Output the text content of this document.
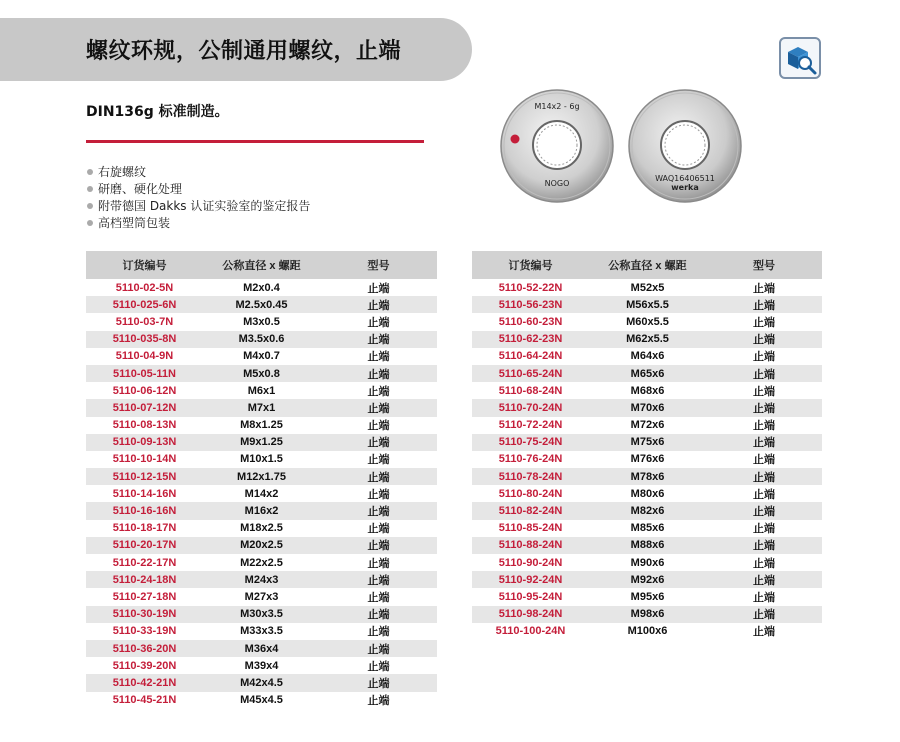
螺纹环规，公制通用螺纹，止端
DIN136g 标准制造。
右旋螺纹
研磨、硬化处理
附带德国 Dakks 认证实验室的鉴定报告
高档塑筒包装
M14x2 - 6g
NOGO
WAQ16406511
werka
订货编号	公称直径 x 螺距	型号
5110-02-5N	M2x0.4	止端
5110-025-6N	M2.5x0.45	止端
5110-03-7N	M3x0.5	止端
5110-035-8N	M3.5x0.6	止端
5110-04-9N	M4x0.7	止端
5110-05-11N	M5x0.8	止端
5110-06-12N	M6x1	止端
5110-07-12N	M7x1	止端
5110-08-13N	M8x1.25	止端
5110-09-13N	M9x1.25	止端
5110-10-14N	M10x1.5	止端
5110-12-15N	M12x1.75	止端
5110-14-16N	M14x2	止端
5110-16-16N	M16x2	止端
5110-18-17N	M18x2.5	止端
5110-20-17N	M20x2.5	止端
5110-22-17N	M22x2.5	止端
5110-24-18N	M24x3	止端
5110-27-18N	M27x3	止端
5110-30-19N	M30x3.5	止端
5110-33-19N	M33x3.5	止端
5110-36-20N	M36x4	止端
5110-39-20N	M39x4	止端
5110-42-21N	M42x4.5	止端
5110-45-21N	M45x4.5	止端
订货编号	公称直径 x 螺距	型号
5110-52-22N	M52x5	止端
5110-56-23N	M56x5.5	止端
5110-60-23N	M60x5.5	止端
5110-62-23N	M62x5.5	止端
5110-64-24N	M64x6	止端
5110-65-24N	M65x6	止端
5110-68-24N	M68x6	止端
5110-70-24N	M70x6	止端
5110-72-24N	M72x6	止端
5110-75-24N	M75x6	止端
5110-76-24N	M76x6	止端
5110-78-24N	M78x6	止端
5110-80-24N	M80x6	止端
5110-82-24N	M82x6	止端
5110-85-24N	M85x6	止端
5110-88-24N	M88x6	止端
5110-90-24N	M90x6	止端
5110-92-24N	M92x6	止端
5110-95-24N	M95x6	止端
5110-98-24N	M98x6	止端
5110-100-24N	M100x6	止端
